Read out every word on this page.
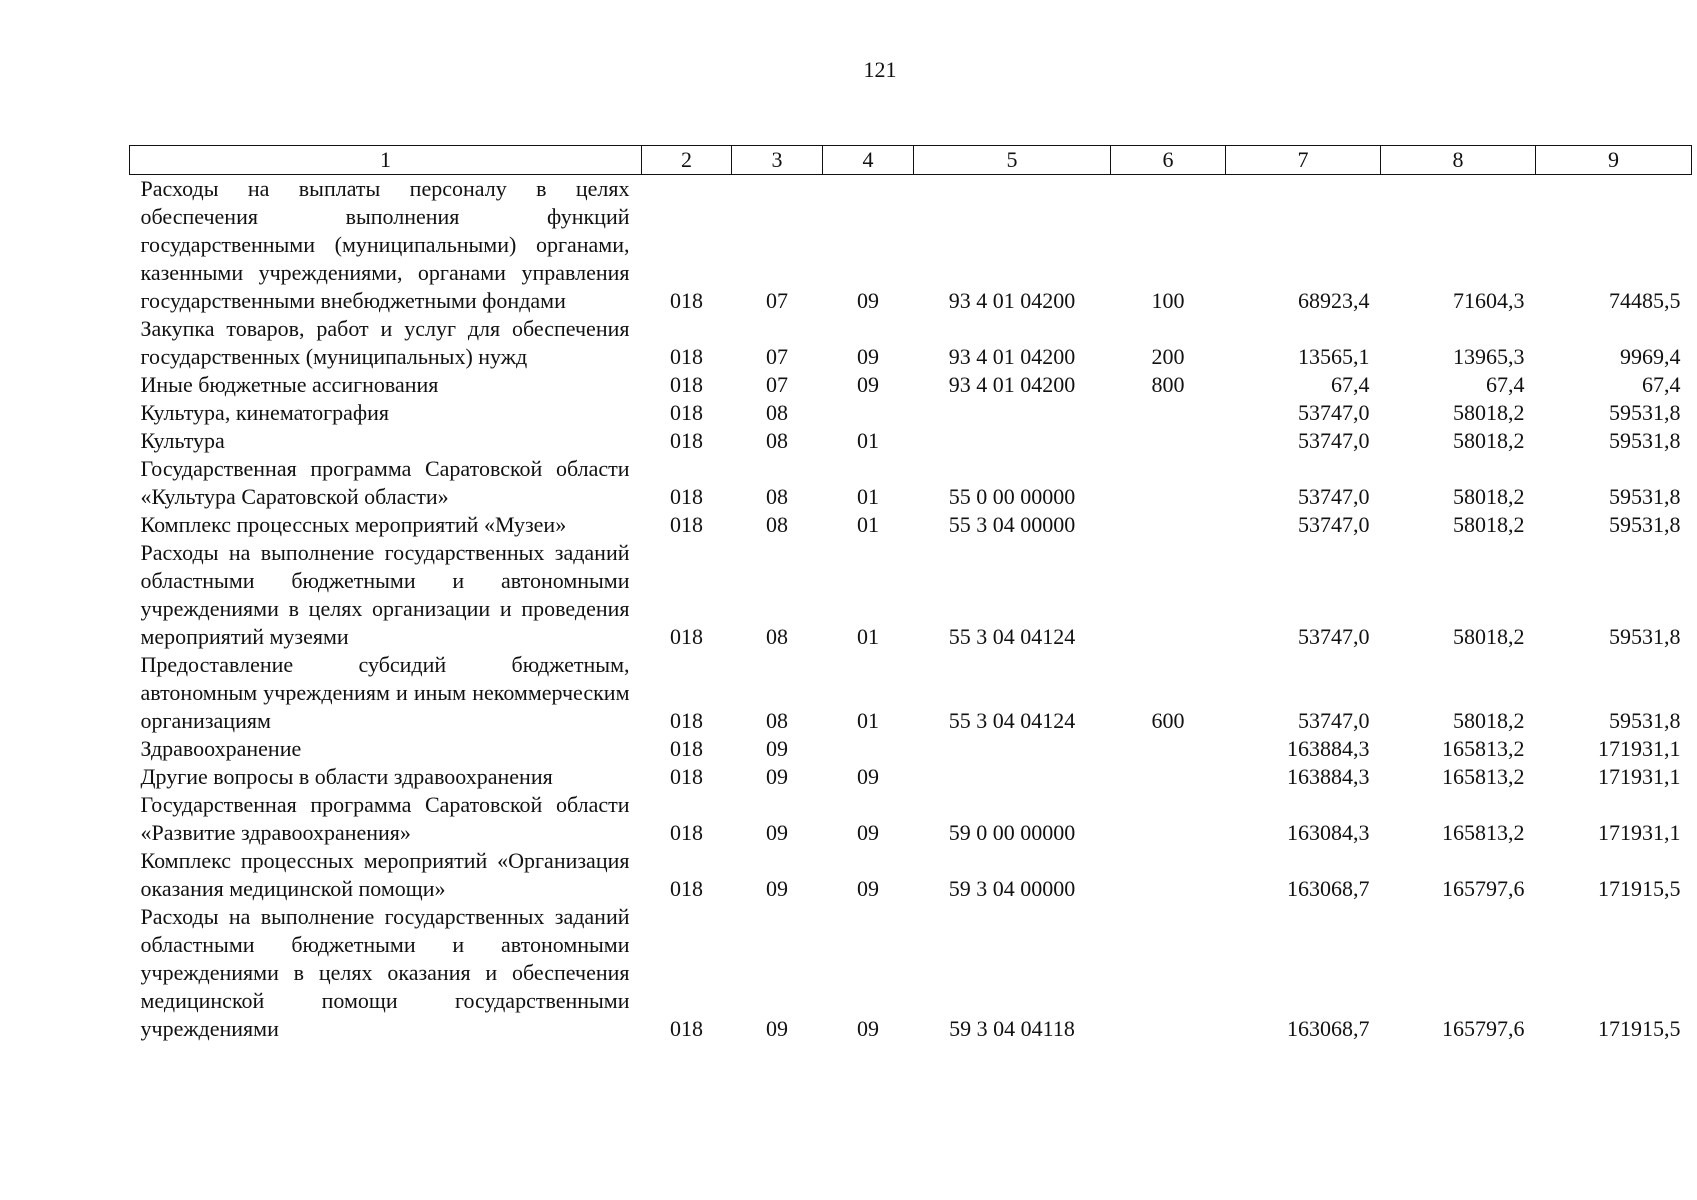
121
1	2	3	4	5	6	7	8	9
Расходы на выплаты персоналу в целях обеспечения выполнения функций государственными (муниципальными) органами, казенными учреждениями, органами управления государственными внебюджетными фондами	018	07	09	93 4 01 04200	100	68923,4	71604,3	74485,5
Закупка товаров, работ и услуг для обеспечения государственных (муниципальных) нужд	018	07	09	93 4 01 04200	200	13565,1	13965,3	9969,4
Иные бюджетные ассигнования	018	07	09	93 4 01 04200	800	67,4	67,4	67,4
Культура, кинематография	018	08				53747,0	58018,2	59531,8
Культура	018	08	01			53747,0	58018,2	59531,8
Государственная программа Саратовской области «Культура Саратовской области»	018	08	01	55 0 00 00000		53747,0	58018,2	59531,8
Комплекс процессных мероприятий «Музеи»	018	08	01	55 3 04 00000		53747,0	58018,2	59531,8
Расходы на выполнение государственных заданий областными бюджетными и автономными учреждениями в целях организации и проведения мероприятий музеями	018	08	01	55 3 04 04124		53747,0	58018,2	59531,8
Предоставление субсидий бюджетным, автономным учреждениям и иным некоммерческим организациям	018	08	01	55 3 04 04124	600	53747,0	58018,2	59531,8
Здравоохранение	018	09				163884,3	165813,2	171931,1
Другие вопросы в области здравоохранения	018	09	09			163884,3	165813,2	171931,1
Государственная программа Саратовской области «Развитие здравоохранения»	018	09	09	59 0 00 00000		163084,3	165813,2	171931,1
Комплекс процессных мероприятий «Организация оказания медицинской помощи»	018	09	09	59 3 04 00000		163068,7	165797,6	171915,5
Расходы на выполнение государственных заданий областными бюджетными и автономными учреждениями в целях оказания и обеспечения медицинской помощи государственными учреждениями	018	09	09	59 3 04 04118		163068,7	165797,6	171915,5
